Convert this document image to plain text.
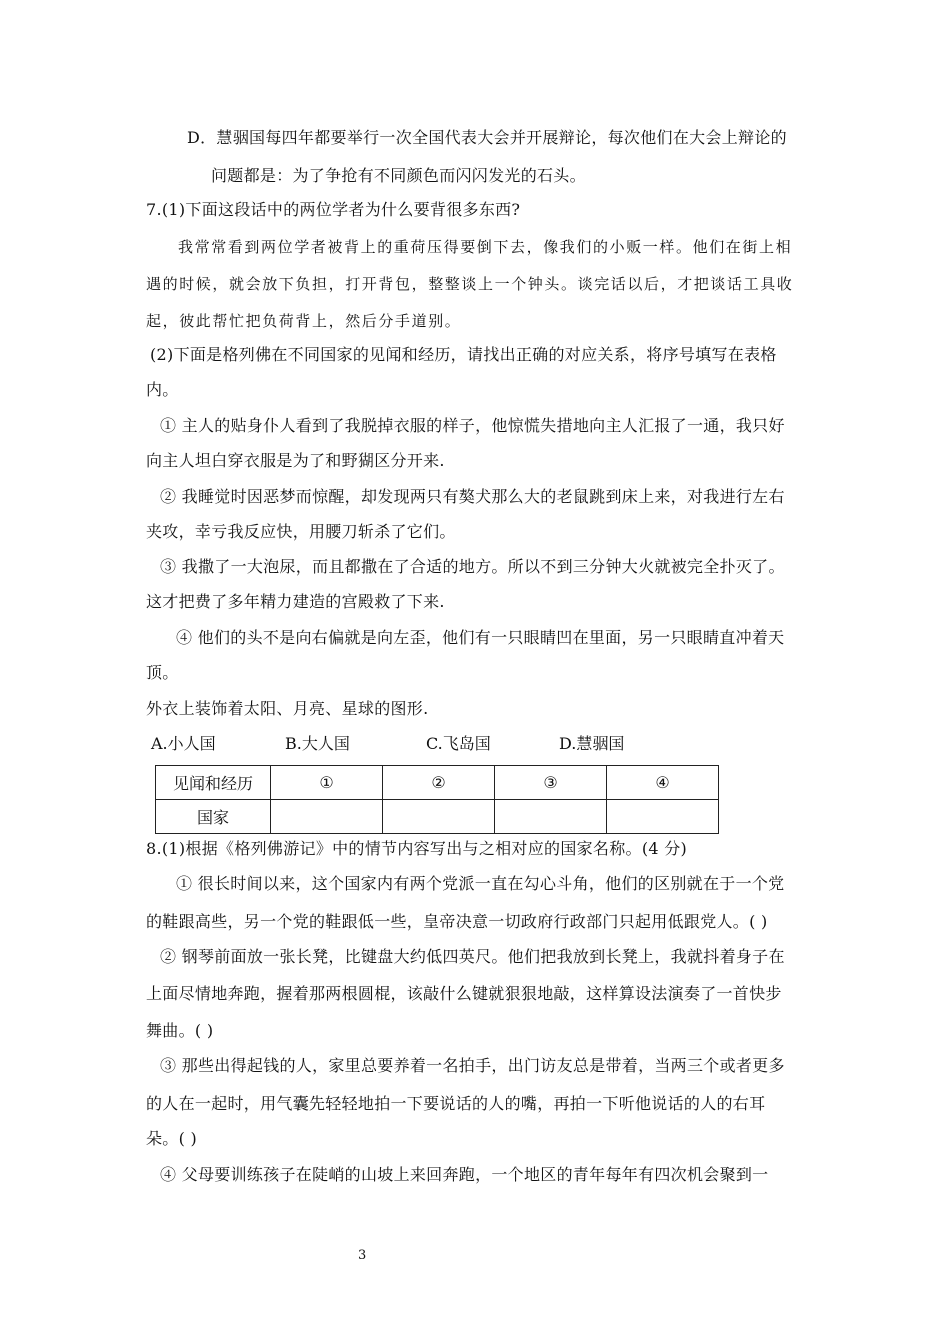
D．慧骃国每四年都要举行一次全国代表大会并开展辩论，每次他们在大会上辩论的
问题都是：为了争抢有不同颜色而闪闪发光的石头。
7.(1)下面这段话中的两位学者为什么要背很多东西?
我常常看到两位学者被背上的重荷压得要倒下去，像我们的小贩一样。他们在街上相
遇的时候，就会放下负担，打开背包，整整谈上一个钟头。谈完话以后，才把谈话工具收
起，彼此帮忙把负荷背上，然后分手道别。
(2)下面是格列佛在不同国家的见闻和经历，请找出正确的对应关系，将序号填写在表格
内。
① 主人的贴身仆人看到了我脱掉衣服的样子，他惊慌失措地向主人汇报了一通，我只好
向主人坦白穿衣服是为了和野猢区分开来.
② 我睡觉时因恶梦而惊醒，却发现两只有獒犬那么大的老鼠跳到床上来，对我进行左右
夹攻，幸亏我反应快，用腰刀斩杀了它们。
③ 我撒了一大泡尿，而且都撒在了合适的地方。所以不到三分钟大火就被完全扑灭了。
这才把费了多年精力建造的宫殿救了下来.
④ 他们的头不是向右偏就是向左歪，他们有一只眼睛凹在里面，另一只眼睛直冲着天
顶。
外衣上装饰着太阳、月亮、星球的图形.
A.小人国	B.大人国	C.飞岛国	D.慧骃国
见闻和经历	①	②	③	④
国家				
8.(1)根据《格列佛游记》中的情节内容写出与之相对应的国家名称。(4 分)
① 很长时间以来，这个国家内有两个党派一直在勾心斗角，他们的区别就在于一个党
的鞋跟高些，另一个党的鞋跟低一些，皇帝决意一切政府行政部门只起用低跟党人。( )
② 钢琴前面放一张长凳，比键盘大约低四英尺。他们把我放到长凳上，我就抖着身子在
上面尽情地奔跑，握着那两根圆棍，该敲什么键就狠狠地敲，这样算设法演奏了一首快步
舞曲。( )
③ 那些出得起钱的人，家里总要养着一名拍手，出门访友总是带着，当两三个或者更多
的人在一起时，用气囊先轻轻地拍一下要说话的人的嘴，再拍一下听他说话的人的右耳
朵。( )
④ 父母要训练孩子在陡峭的山坡上来回奔跑，一个地区的青年每年有四次机会聚到一
3
